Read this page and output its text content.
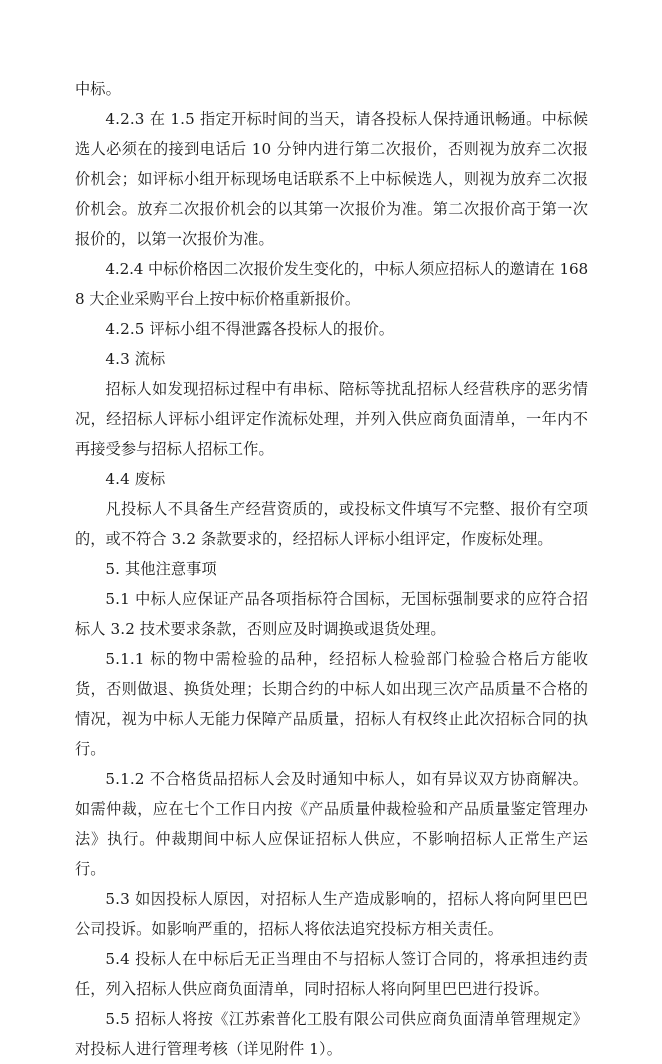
中标。

4.2.3 在 1.5 指定开标时间的当天，请各投标人保持通讯畅通。中标候选人必须在的接到电话后 10 分钟内进行第二次报价，否则视为放弃二次报价机会；如评标小组开标现场电话联系不上中标候选人，则视为放弃二次报价机会。放弃二次报价机会的以其第一次报价为准。第二次报价高于第一次报价的，以第一次报价为准。

4.2.4 中标价格因二次报价发生变化的，中标人须应招标人的邀请在 1688 大企业采购平台上按中标价格重新报价。

4.2.5 评标小组不得泄露各投标人的报价。

4.3 流标

招标人如发现招标过程中有串标、陪标等扰乱招标人经营秩序的恶劣情况，经招标人评标小组评定作流标处理，并列入供应商负面清单，一年内不再接受参与招标人招标工作。

4.4 废标

凡投标人不具备生产经营资质的，或投标文件填写不完整、报价有空项的，或不符合 3.2 条款要求的，经招标人评标小组评定，作废标处理。

5. 其他注意事项

5.1 中标人应保证产品各项指标符合国标，无国标强制要求的应符合招标人 3.2 技术要求条款，否则应及时调换或退货处理。

5.1.1 标的物中需检验的品种，经招标人检验部门检验合格后方能收货，否则做退、换货处理；长期合约的中标人如出现三次产品质量不合格的情况，视为中标人无能力保障产品质量，招标人有权终止此次招标合同的执行。

5.1.2 不合格货品招标人会及时通知中标人，如有异议双方协商解决。如需仲裁，应在七个工作日内按《产品质量仲裁检验和产品质量鉴定管理办法》执行。仲裁期间中标人应保证招标人供应，不影响招标人正常生产运行。

5.3 如因投标人原因，对招标人生产造成影响的，招标人将向阿里巴巴公司投诉。如影响严重的，招标人将依法追究投标方相关责任。

5.4 投标人在中标后无正当理由不与招标人签订合同的，将承担违约责任，列入招标人供应商负面清单，同时招标人将向阿里巴巴进行投诉。

5.5 招标人将按《江苏索普化工股有限公司供应商负面清单管理规定》对投标人进行管理考核（详见附件 1）。
